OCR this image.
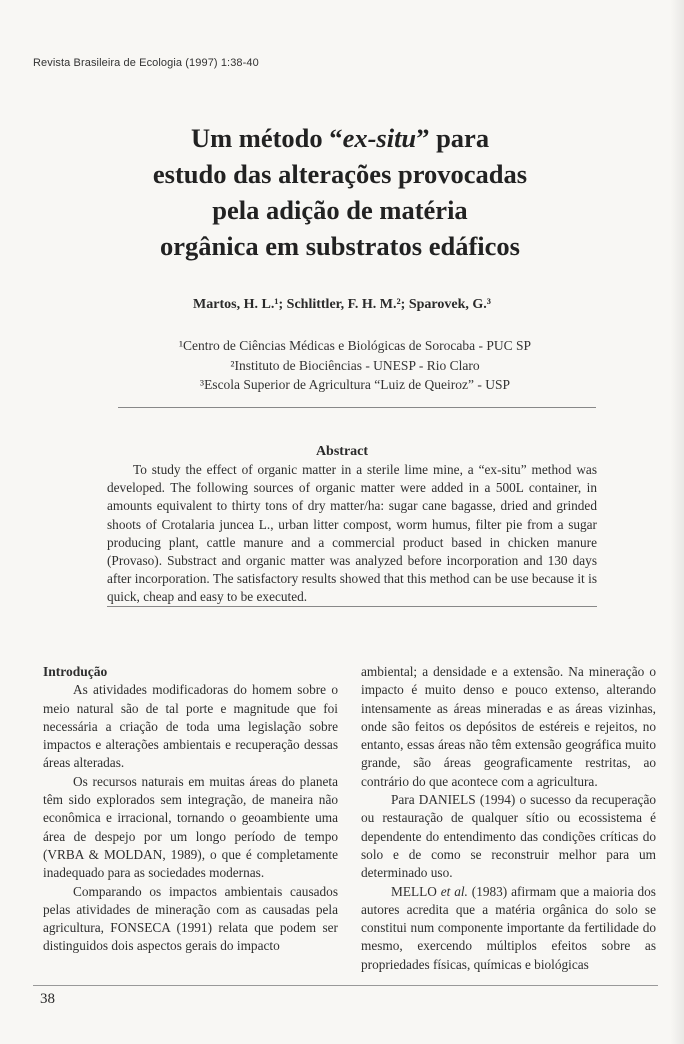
Revista Brasileira de Ecologia (1997) 1:38-40
Um método “ex-situ” para
estudo das alterações provocadas
pela adição de matéria
orgânica em substratos edáficos
Martos, H. L.¹; Schlittler, F. H. M.²; Sparovek, G.³
¹Centro de Ciências Médicas e Biológicas de Sorocaba - PUC SP
²Instituto de Biociências - UNESP - Rio Claro
³Escola Superior de Agricultura “Luiz de Queiroz” - USP
Abstract

To study the effect of organic matter in a sterile lime mine, a “ex-situ” method was developed. The following sources of organic matter were added in a 500L container, in amounts equivalent to thirty tons of dry matter/ha: sugar cane bagasse, dried and grinded shoots of Crotalaria juncea L., urban litter compost, worm humus, filter pie from a sugar producing plant, cattle manure and a commercial product based in chicken manure (Provaso). Substract and organic matter was analyzed before incorporation and 130 days after incorporation. The satisfactory results showed that this method can be use because it is quick, cheap and easy to be executed.

Introdução

As atividades modificadoras do homem sobre o meio natural são de tal porte e magnitude que foi necessária a criação de toda uma legislação sobre impactos e alterações ambientais e recuperação dessas áreas alteradas.

Os recursos naturais em muitas áreas do planeta têm sido explorados sem integração, de maneira não econômica e irracional, tornando o geoambiente uma área de despejo por um longo período de tempo (VRBA & MOLDAN, 1989), o que é completamente inadequado para as sociedades modernas.

Comparando os impactos ambientais causados pelas atividades de mineração com as causadas pela agricultura, FONSECA (1991) relata que podem ser distinguidos dois aspectos gerais do impacto

ambiental; a densidade e a extensão. Na mineração o impacto é muito denso e pouco extenso, alterando intensamente as áreas mineradas e as áreas vizinhas, onde são feitos os depósitos de estéreis e rejeitos, no entanto, essas áreas não têm extensão geográfica muito grande, são áreas geograficamente restritas, ao contrário do que acontece com a agricultura.

Para DANIELS (1994) o sucesso da recuperação ou restauração de qualquer sítio ou ecossistema é dependente do entendimento das condições críticas do solo e de como se reconstruir melhor para um determinado uso.

MELLO et al. (1983) afirmam que a maioria dos autores acredita que a matéria orgânica do solo se constitui num componente importante da fertilidade do mesmo, exercendo múltiplos efeitos sobre as propriedades físicas, químicas e biológicas

38
